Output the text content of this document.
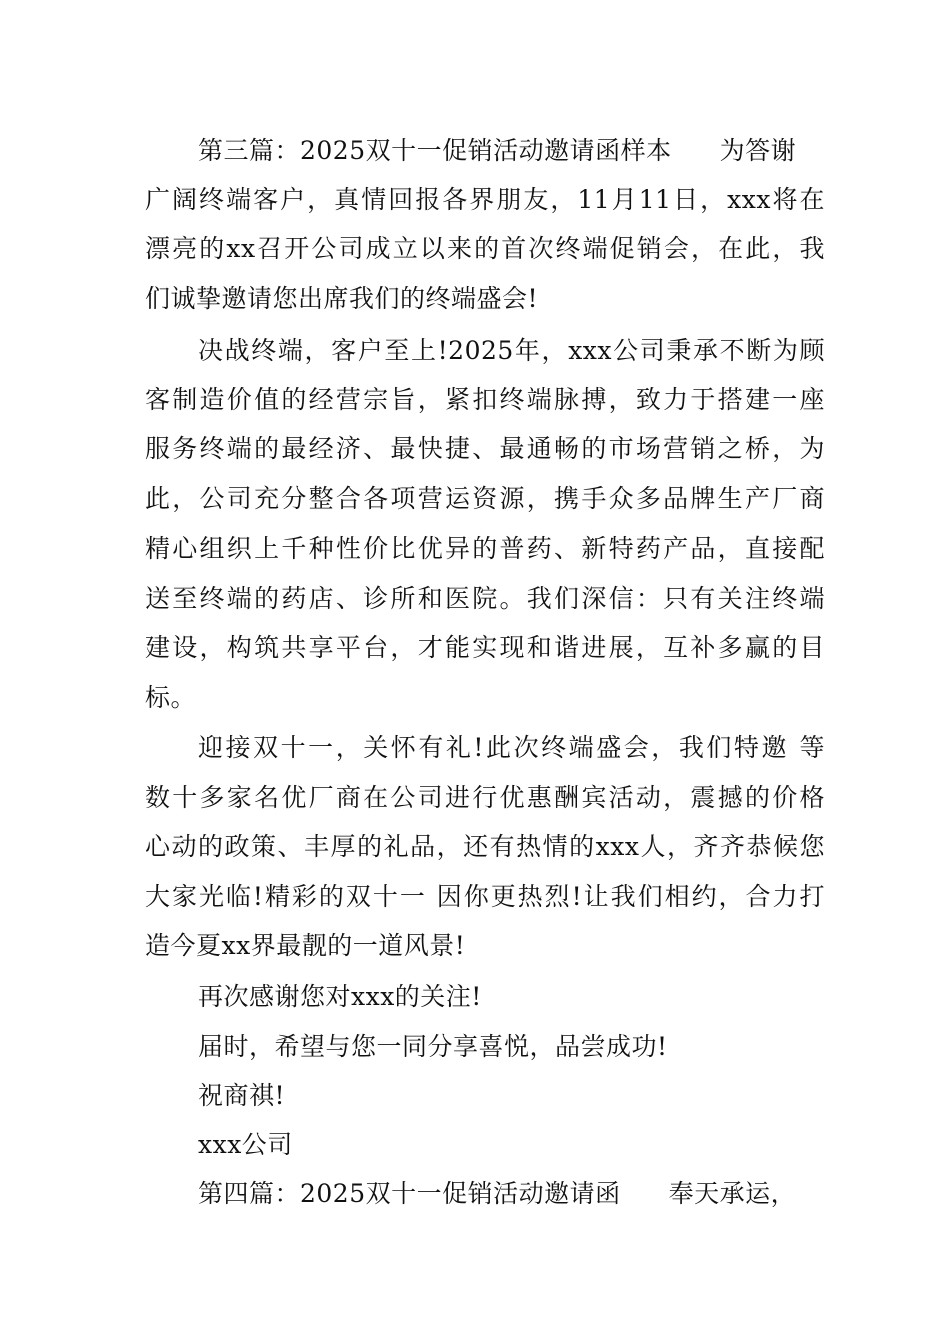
第三篇：2025双十一促销活动邀请函样本 为答谢
广阔终端客户，真情回报各界朋友，11月11日，xxx将在
漂亮的xx召开公司成立以来的首次终端促销会，在此，我
们诚挚邀请您出席我们的终端盛会!
决战终端，客户至上!2025年，xxx公司秉承不断为顾
客制造价值的经营宗旨，紧扣终端脉搏，致力于搭建一座
服务终端的最经济、最快捷、最通畅的市场营销之桥，为
此，公司充分整合各项营运资源，携手众多品牌生产厂商
精心组织上千种性价比优异的普药、新特药产品，直接配
送至终端的药店、诊所和医院。我们深信：只有关注终端
建设，构筑共享平台，才能实现和谐进展，互补多赢的目
标。
迎接双十一，关怀有礼!此次终端盛会，我们特邀 等
数十多家名优厂商在公司进行优惠酬宾活动，震撼的价格
心动的政策、丰厚的礼品，还有热情的xxx人，齐齐恭候您
大家光临!精彩的双十一 因你更热烈!让我们相约，合力打
造今夏xx界最靓的一道风景!
再次感谢您对xxx的关注!
届时，希望与您一同分享喜悦，品尝成功!
祝商祺!
xxx公司
第四篇：2025双十一促销活动邀请函 奉天承运，
